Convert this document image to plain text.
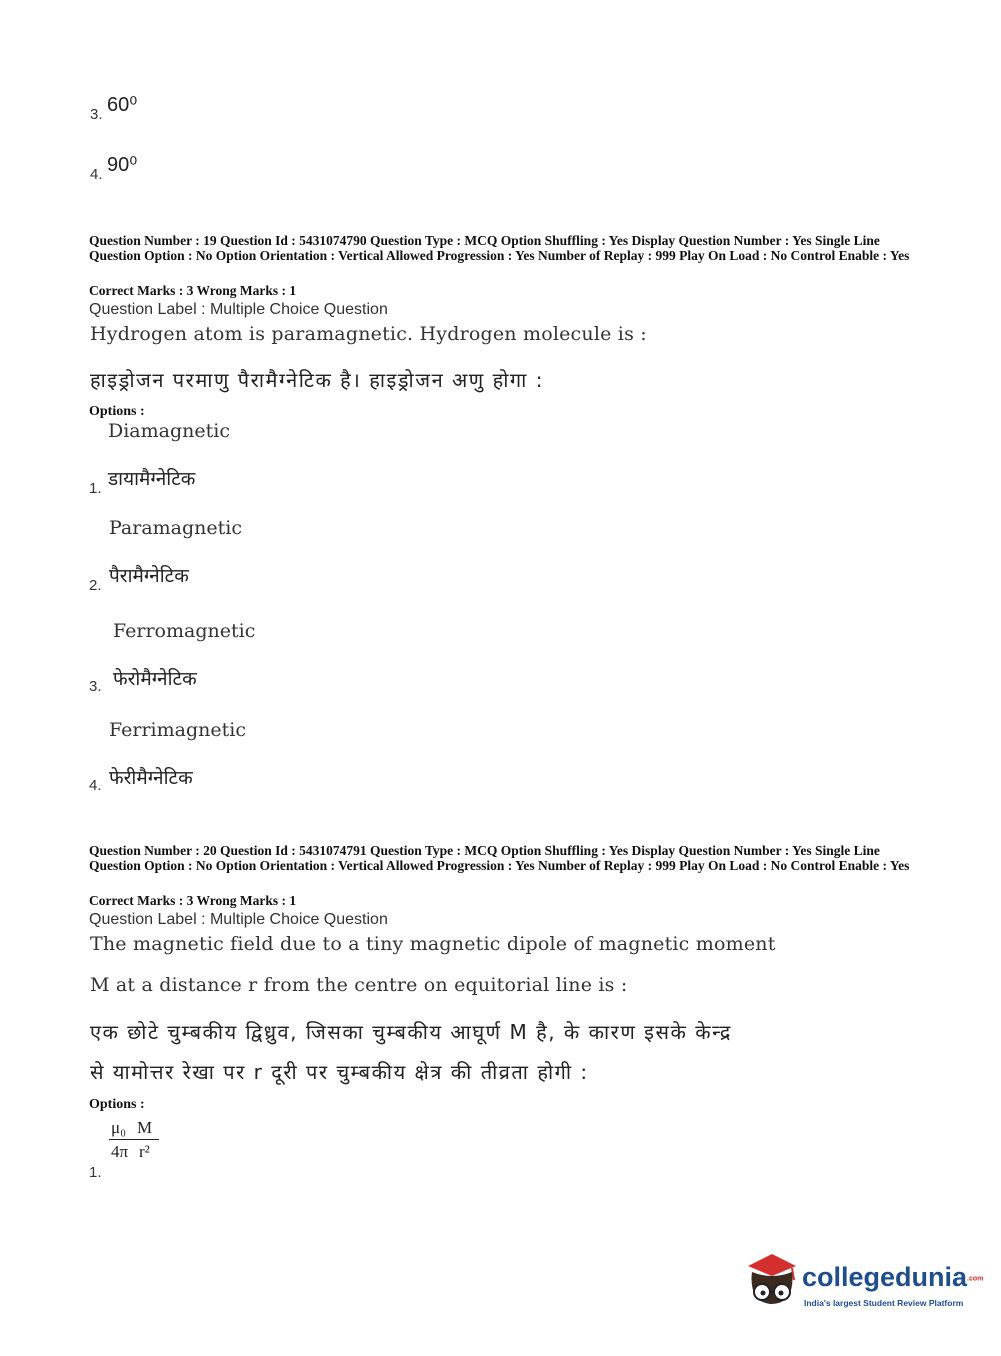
3. 60⁰
4. 90⁰
Question Number : 19 Question Id : 5431074790 Question Type : MCQ Option Shuffling : Yes Display Question Number : Yes Single Line Question Option : No Option Orientation : Vertical Allowed Progression : Yes Number of Replay : 999 Play On Load : No Control Enable : Yes
Correct Marks : 3 Wrong Marks : 1
Question Label : Multiple Choice Question
Hydrogen atom is paramagnetic. Hydrogen molecule is :
हाइड्रोजन परमाणु पैरामैग्नेटिक है। हाइड्रोजन अणु होगा :
Options :
Diamagnetic
डायामैग्नेटिक
1.
Paramagnetic
पैरामैग्नेटिक
2.
Ferromagnetic
फेरोमैग्नेटिक
3.
Ferrimagnetic
फेरीमैग्नेटिक
4.
Question Number : 20 Question Id : 5431074791 Question Type : MCQ Option Shuffling : Yes Display Question Number : Yes Single Line Question Option : No Option Orientation : Vertical Allowed Progression : Yes Number of Replay : 999 Play On Load : No Control Enable : Yes
Correct Marks : 3 Wrong Marks : 1
Question Label : Multiple Choice Question
The magnetic field due to a tiny magnetic dipole of magnetic moment
M at a distance r from the centre on equitorial line is :
एक छोटे चुम्बकीय द्विध्रुव, जिसका चुम्बकीय आघूर्ण M है, के कारण इसके केन्द्र
से यामोत्तर रेखा पर r दूरी पर चुम्बकीय क्षेत्र की तीव्रता होगी :
Options :
μ₀ M
4π r²
1.
collegedunia.com
India's largest Student Review Platform
